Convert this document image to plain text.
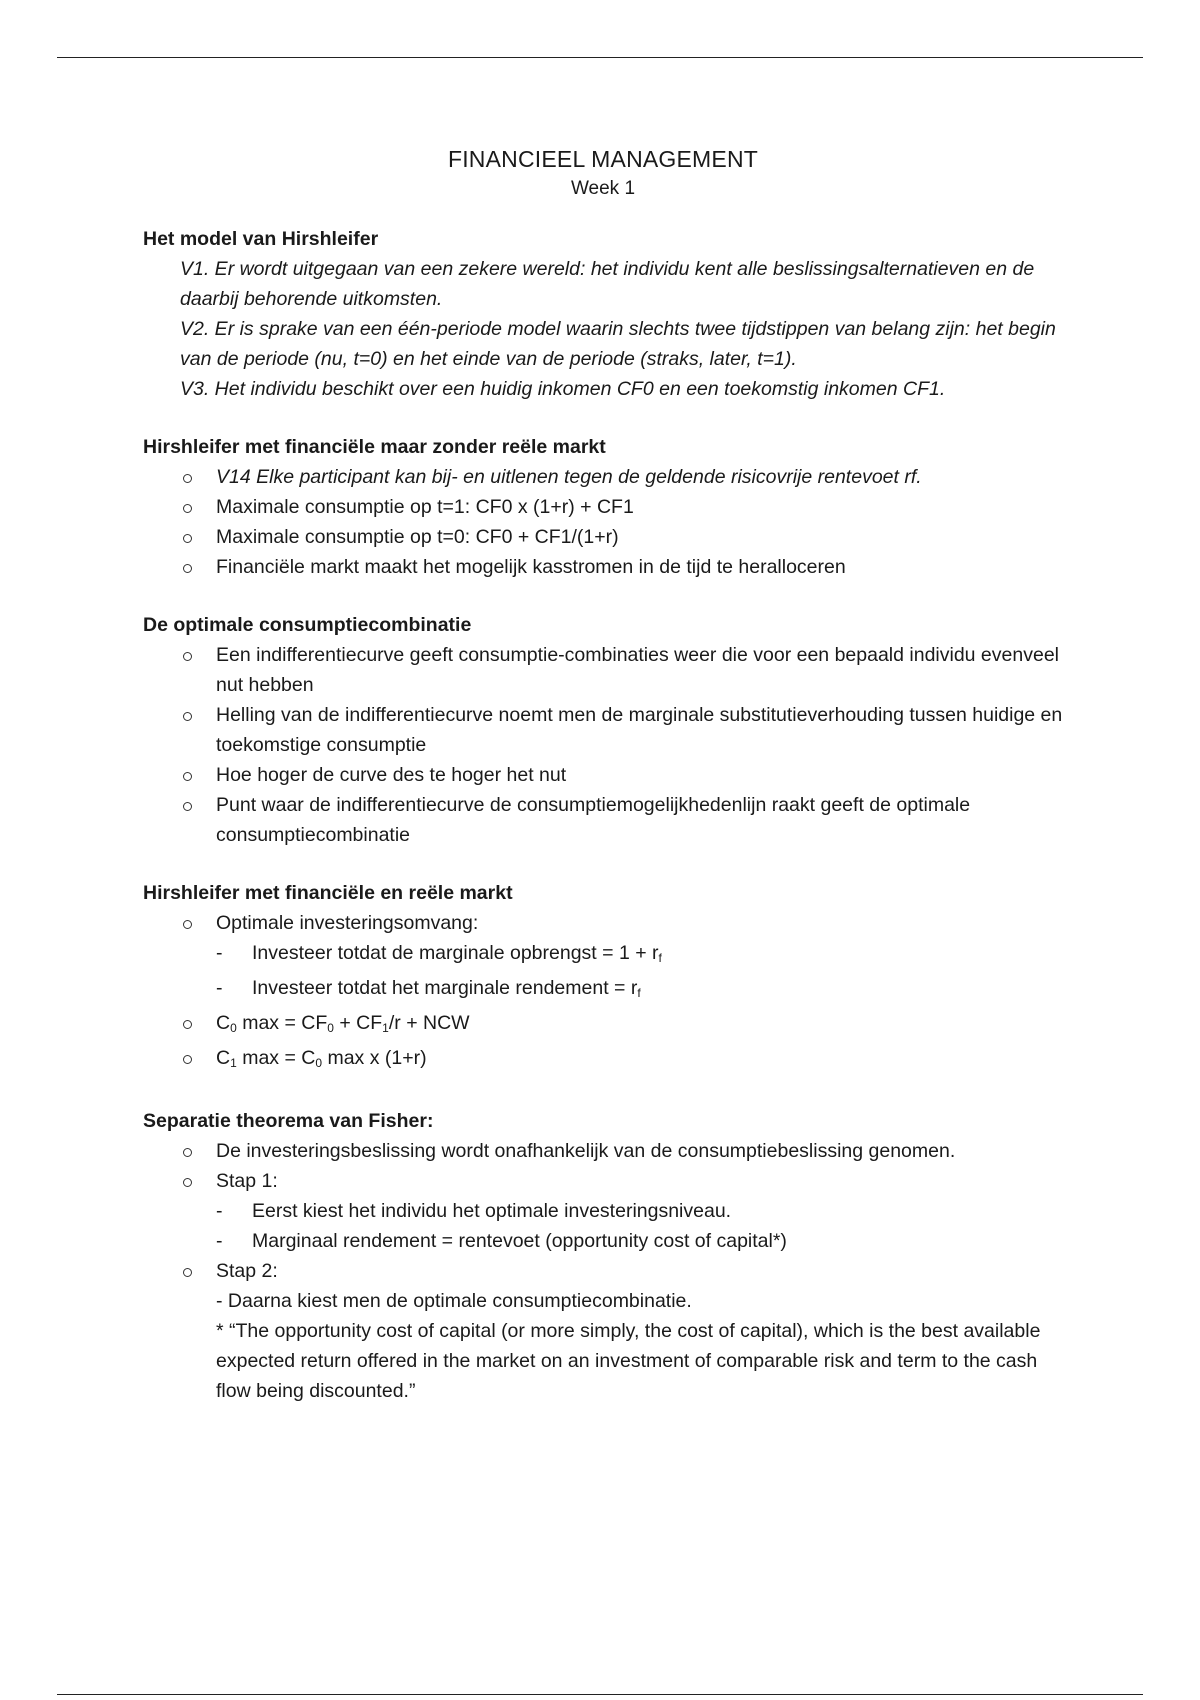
FINANCIEEL MANAGEMENT

Week 1

Het model van Hirshleifer

V1. Er wordt uitgegaan van een zekere wereld: het individu kent alle beslissingsalternatieven en de daarbij behorende uitkomsten.

V2. Er is sprake van een één-periode model waarin slechts twee tijdstippen van belang zijn: het begin van de periode (nu, t=0) en het einde van de periode (straks, later, t=1).

V3. Het individu beschikt over een huidig inkomen CF0 en een toekomstig inkomen CF1.

Hirshleifer met financiële maar zonder reële markt
V14 Elke participant kan bij- en uitlenen tegen de geldende risicovrije rentevoet rf.
Maximale consumptie op t=1: CF0 x (1+r) + CF1
Maximale consumptie op t=0: CF0 + CF1/(1+r)
Financiële markt maakt het mogelijk kasstromen in de tijd te heralloceren
De optimale consumptiecombinatie
Een indifferentiecurve geeft consumptie-combinaties weer die voor een bepaald individu evenveel nut hebben
Helling van de indifferentiecurve noemt men de marginale substitutieverhouding tussen huidige en toekomstige consumptie
Hoe hoger de curve des te hoger het nut
Punt waar de indifferentiecurve de consumptiemogelijkhedenlijn raakt geeft de optimale consumptiecombinatie
Hirshleifer met financiële en reële markt
Optimale investeringsomvang:
- Investeer totdat de marginale opbrengst = $1 + r_f$
- Investeer totdat het marginale rendement = $r_f$
$C_0$ $\max = CF_0 + CF_1/r$ + NCW
$C_1$ $\max = C_0$ max x (1+r)
Separatie theorema van Fisher:
De investeringsbeslissing wordt onafhankelijk van de consumptiebeslissing genomen.
Stap 1:
- Eerst kiest het individu het optimale investeringsniveau.
- Marginaal rendement = rentevoet (opportunity cost of capital*)
Stap 2:
- Daarna kiest men de optimale consumptiecombinatie.
* “The opportunity cost of capital (or more simply, the cost of capital), which is the best available expected return offered in the market on an investment of comparable risk and term to the cash flow being discounted.”
